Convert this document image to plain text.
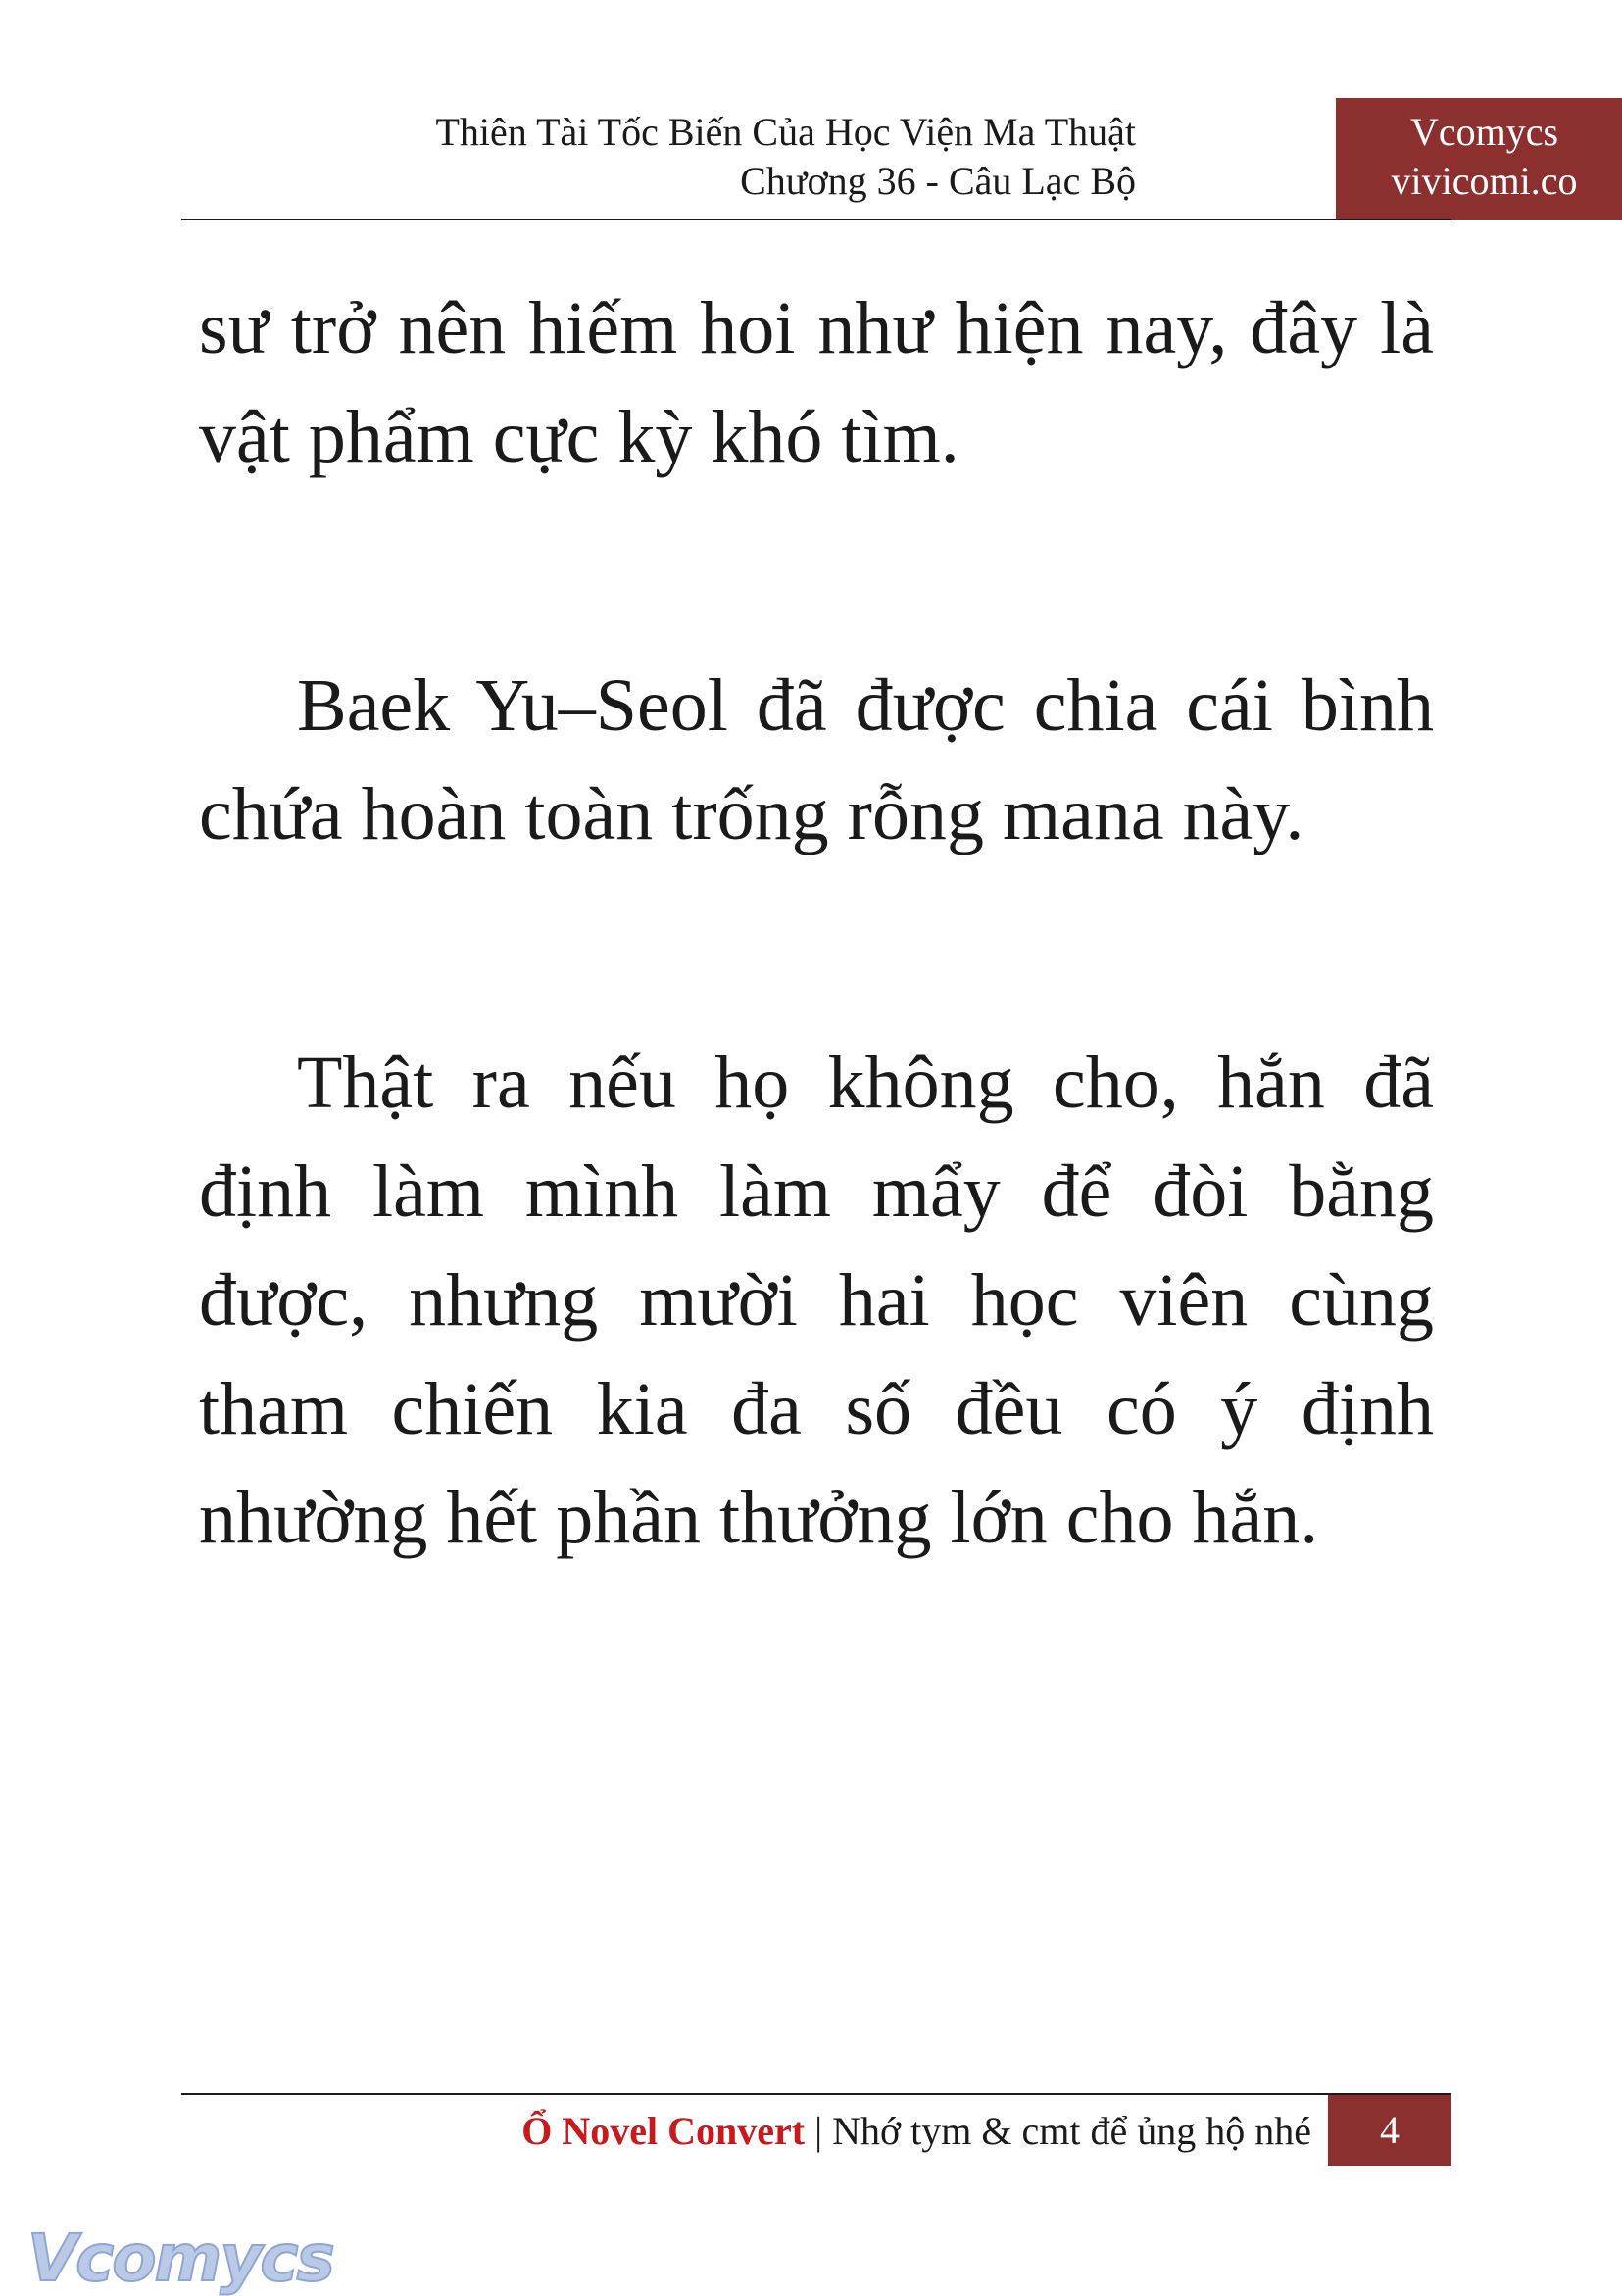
Thiên Tài Tốc Biến Của Học Viện Ma Thuật
Chương 36 - Câu Lạc Bộ
Vcomycs
vivicomi.co

sư trở nên hiếm hoi như hiện nay, đây là vật phẩm cực kỳ khó tìm.

Baek Yu–Seol đã được chia cái bình chứa hoàn toàn trống rỗng mana này.

Thật ra nếu họ không cho, hắn đã định làm mình làm mẩy để đòi bằng được, nhưng mười hai học viên cùng tham chiến kia đa số đều có ý định nhường hết phần thưởng lớn cho hắn.

Ổ Novel Convert | Nhớ tym & cmt để ủng hộ nhé	4
Vcomycs
